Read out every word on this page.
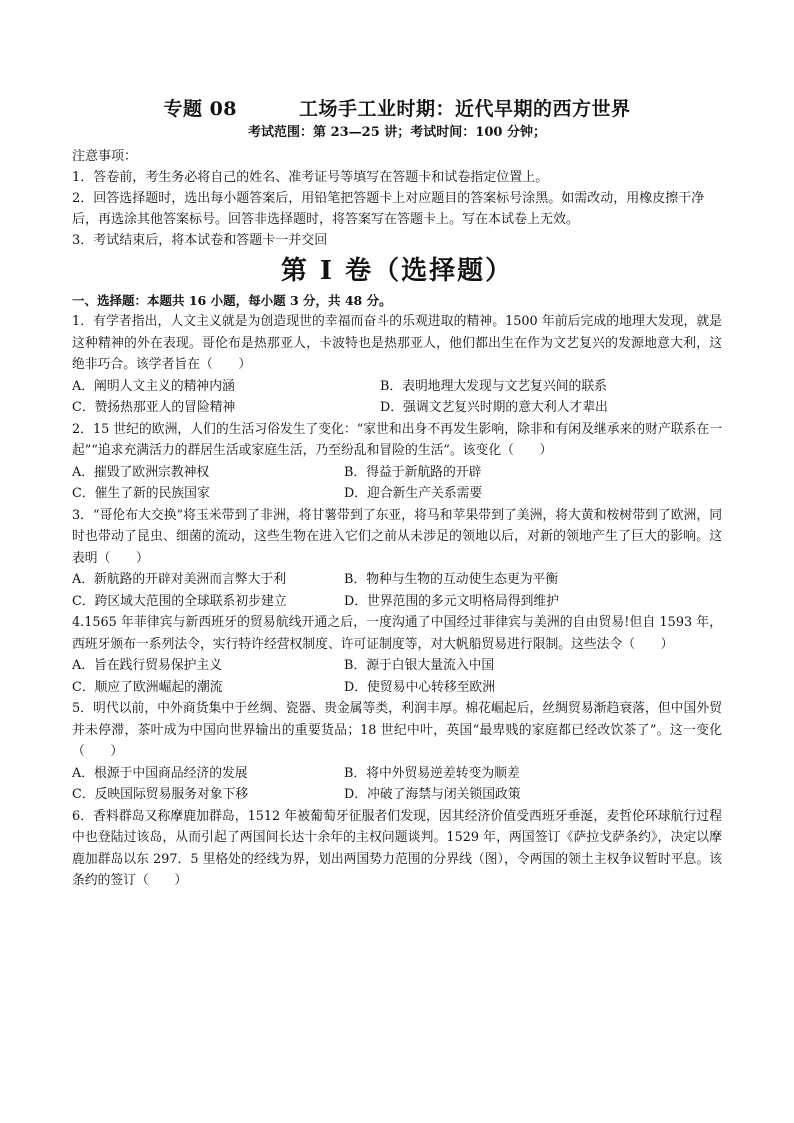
专题 08	工场手工业时期：近代早期的西方世界
考试范围：第 23—25 讲；考试时间：100 分钟；

注意事项：

1．答卷前，考生务必将自己的姓名、准考证号等填写在答题卡和试卷指定位置上。

2．回答选择题时，选出每小题答案后，用铅笔把答题卡上对应题目的答案标号涂黑。如需改动，用橡皮擦干净后，再选涂其他答案标号。回答非选择题时，将答案写在答题卡上。写在本试卷上无效。

3．考试结束后，将本试卷和答题卡一并交回

第 I 卷（选择题）
一、选择题：本题共 16 小题，每小题 3 分，共 48 分。

1．有学者指出，人文主义就是为创造现世的幸福而奋斗的乐观进取的精神。1500 年前后完成的地理大发现，就是这种精神的外在表现。哥伦布是热那亚人，卡波特也是热那亚人，他们都出生在作为文艺复兴的发源地意大利，这绝非巧合。该学者旨在（　　）

A．阐明人文主义的精神内涵	B．表明地理大发现与文艺复兴间的联系
C．赞扬热那亚人的冒险精神	D．强调文艺复兴时期的意大利人才辈出

2．15 世纪的欧洲，人们的生活习俗发生了变化：“家世和出身不再发生影响，除非和有闲及继承来的财产联系在一起”“追求充满活力的群居生活或家庭生活，乃至纷乱和冒险的生活”。该变化（　　）

A．摧毁了欧洲宗教神权	B．得益于新航路的开辟
C．催生了新的民族国家	D．迎合新生产关系需要

3．“哥伦布大交换”将玉米带到了非洲，将甘薯带到了东亚，将马和苹果带到了美洲，将大黄和桉树带到了欧洲，同时也带动了昆虫、细菌的流动，这些生物在进入它们之前从未涉足的领地以后，对新的领地产生了巨大的影响。这表明（　　）

A．新航路的开辟对美洲而言弊大于利	B．物种与生物的互动使生态更为平衡
C．跨区域大范围的全球联系初步建立	D．世界范围的多元文明格局得到维护

4.1565 年菲律宾与新西班牙的贸易航线开通之后，一度沟通了中国经过菲律宾与美洲的自由贸易!但自 1593 年，西班牙颁布一系列法令，实行特许经营权制度、许可证制度等，对大帆船贸易进行限制。这些法令（　　）

A．旨在践行贸易保护主义	B．源于白银大量流入中国
C．顺应了欧洲崛起的潮流	D．使贸易中心转移至欧洲

5．明代以前，中外商货集中于丝绸、瓷器、贵金属等类，利润丰厚。棉花崛起后，丝绸贸易渐趋衰落，但中国外贸并未停滞，茶叶成为中国向世界输出的重要货品；18 世纪中叶，英国“最卑贱的家庭都已经改饮茶了”。这一变化（　　）

A．根源于中国商品经济的发展	B．将中外贸易逆差转变为顺差
C．反映国际贸易服务对象下移	D．冲破了海禁与闭关锁国政策

6．香料群岛又称摩鹿加群岛，1512 年被葡萄牙征服者们发现，因其经济价值受西班牙垂涎，麦哲伦环球航行过程中也登陆过该岛，从而引起了两国间长达十余年的主权问题谈判。1529 年，两国签订《萨拉戈萨条约》，决定以摩鹿加群岛以东 297．5 里格处的经线为界，划出两国势力范围的分界线（图），令两国的领土主权争议暂时平息。该条约的签订（　　）
